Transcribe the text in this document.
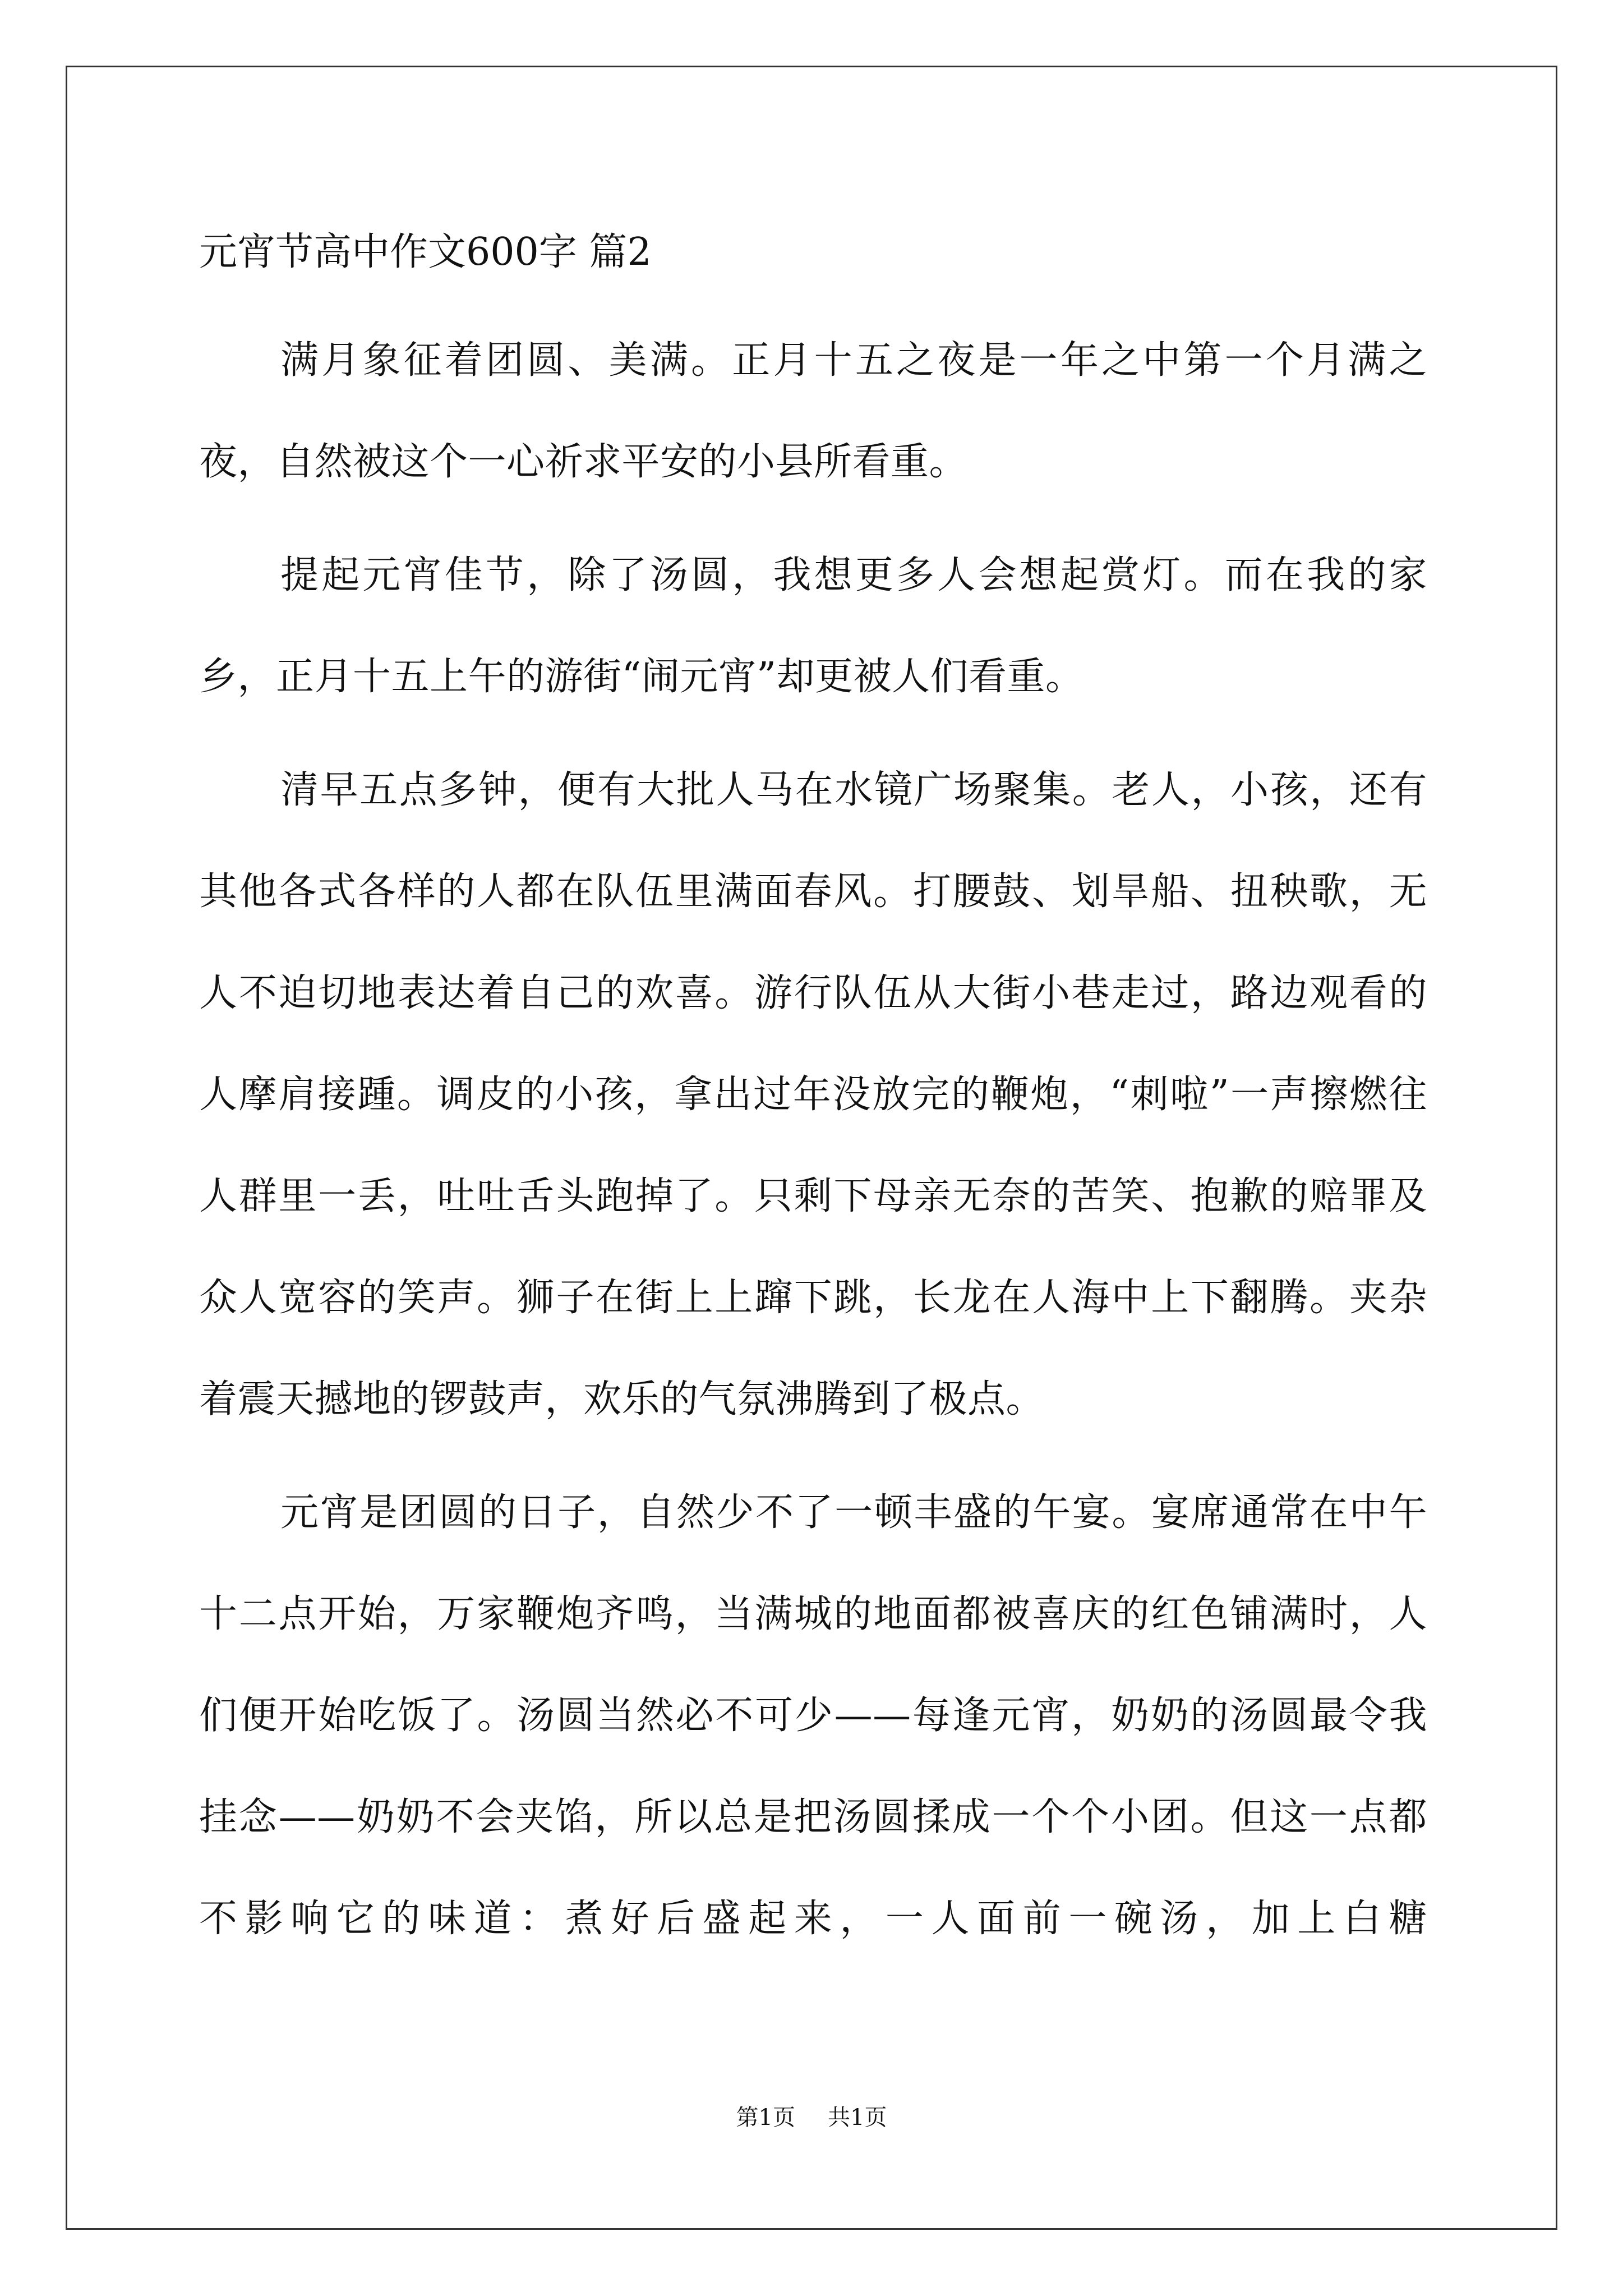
元宵节高中作文600字 篇2

满月象征着团圆、美满。正月十五之夜是一年之中第一个月满之夜，自然被这个一心祈求平安的小县所看重。

提起元宵佳节，除了汤圆，我想更多人会想起赏灯。而在我的家乡，正月十五上午的游街“闹元宵”却更被人们看重。

清早五点多钟，便有大批人马在水镜广场聚集。老人，小孩，还有其他各式各样的人都在队伍里满面春风。打腰鼓、划旱船、扭秧歌，无人不迫切地表达着自己的欢喜。游行队伍从大街小巷走过，路边观看的人摩肩接踵。调皮的小孩，拿出过年没放完的鞭炮，“刺啦”一声擦燃往人群里一丢，吐吐舌头跑掉了。只剩下母亲无奈的苦笑、抱歉的赔罪及众人宽容的笑声。狮子在街上上蹿下跳，长龙在人海中上下翻腾。夹杂着震天撼地的锣鼓声，欢乐的气氛沸腾到了极点。

元宵是团圆的日子，自然少不了一顿丰盛的午宴。宴席通常在中午十二点开始，万家鞭炮齐鸣，当满城的地面都被喜庆的红色铺满时，人们便开始吃饭了。汤圆当然必不可少——每逢元宵，奶奶的汤圆最令我挂念——奶奶不会夹馅，所以总是把汤圆揉成一个个小团。但这一点都不影响它的味道：煮好后盛起来，一人面前一碗汤，加上白糖

第1页 共1页
